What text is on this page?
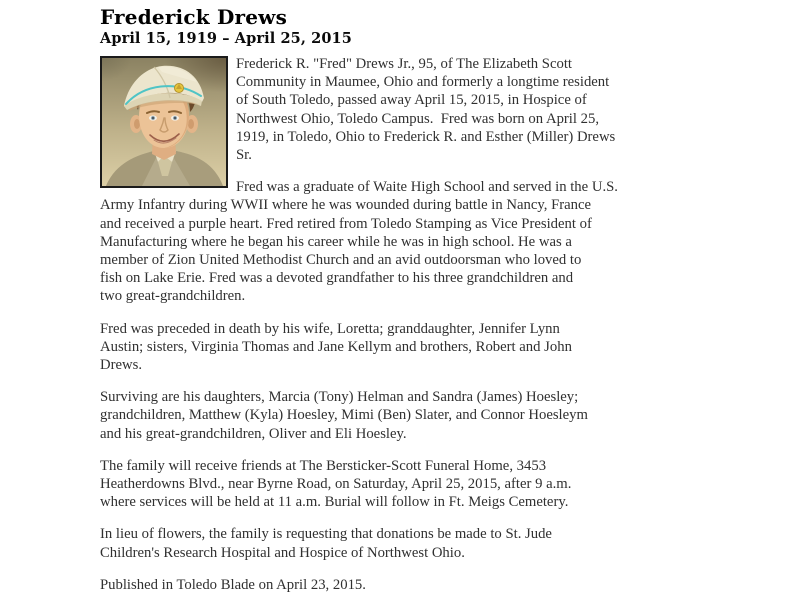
Frederick Drews
April 15, 1919 – April 25, 2015

Frederick R. "Fred" Drews Jr., 95, of The Elizabeth Scott
Community in Maumee, Ohio and formerly a longtime resident
of South Toledo, passed away April 15, 2015, in Hospice of
Northwest Ohio, Toledo Campus.  Fred was born on April 25,
1919, in Toledo, Ohio to Frederick R. and Esther (Miller) Drews
Sr.

Fred was a graduate of Waite High School and served in the U.S.
Army Infantry during WWII where he was wounded during battle in Nancy, France
and received a purple heart. Fred retired from Toledo Stamping as Vice President of
Manufacturing where he began his career while he was in high school. He was a
member of Zion United Methodist Church and an avid outdoorsman who loved to
fish on Lake Erie. Fred was a devoted grandfather to his three grandchildren and
two great-grandchildren.

Fred was preceded in death by his wife, Loretta; granddaughter, Jennifer Lynn
Austin; sisters, Virginia Thomas and Jane Kellym and brothers, Robert and John
Drews.

Surviving are his daughters, Marcia (Tony) Helman and Sandra (James) Hoesley;
grandchildren, Matthew (Kyla) Hoesley, Mimi (Ben) Slater, and Connor Hoesleym
and his great-grandchildren, Oliver and Eli Hoesley.

The family will receive friends at The Bersticker-Scott Funeral Home, 3453
Heatherdowns Blvd., near Byrne Road, on Saturday, April 25, 2015, after 9 a.m.
where services will be held at 11 a.m. Burial will follow in Ft. Meigs Cemetery.

In lieu of flowers, the family is requesting that donations be made to St. Jude
Children's Research Hospital and Hospice of Northwest Ohio.

Published in Toledo Blade on April 23, 2015.
